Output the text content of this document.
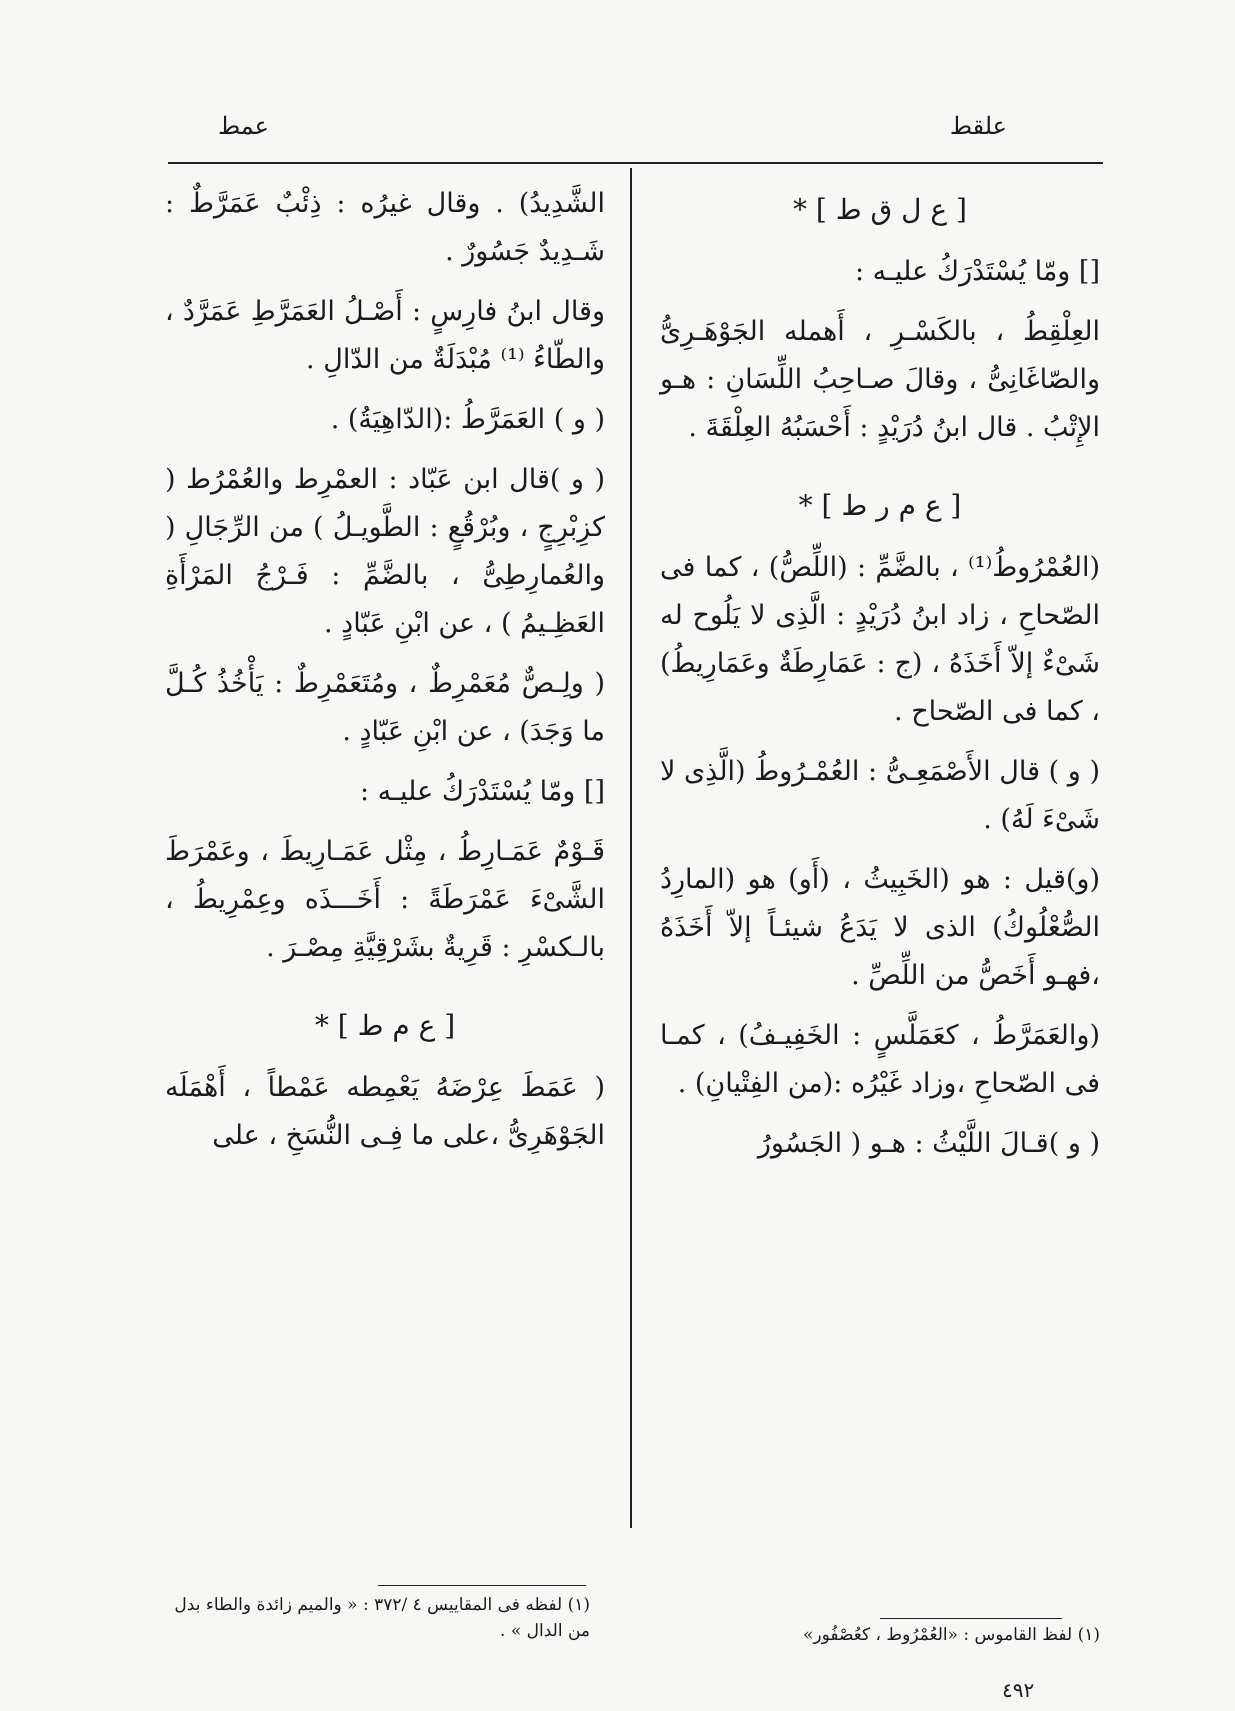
عمط	علقط
[ ع ل ق ط ] *

[] ومّا يُسْتَدْرَكُ عليـه :

العِلْقِطُ ، بالكَسْـرِ ، أَهمله الجَوْهَـرِىُّ والصّاغَانِىُّ ، وقالَ صـاحِبُ اللِّسَانِ : هـو الإِتْبُ . قال ابنُ دُرَيْدٍ : أَحْسَبُهُ العِلْقَةَ .

[ ع م ر ط ] *

(العُمْرُوطُ⁽¹⁾ ، بالضَّمِّ : (اللِّصُّ) ، كما فى الصّحاحِ ، زاد ابنُ دُرَيْدٍ : الَّذِى لا يَلُوح له شَىْءٌ إلاّ أَخَذَهُ ، (ج : عَمَارِطَةٌ وعَمَارِيطُ) ، كما فى الصّحاح .

( و ) قال الأَصْمَعِـىُّ : العُمْـرُوطُ (الَّذِى لا شَىْءَ لَهُ) .

(و)قيل : هو (الخَبِيثُ ، (أَو) هو (المارِدُ الصُّعْلُوكُ) الذى لا يَدَعُ شيئـاً إلاّ أَخَذَهُ ،فهـو أَخَصُّ من اللِّصِّ .

(والعَمَرَّطُ ، كعَمَلَّسٍ : الخَفِيـفُ) ، كمـا فى الصّحاحِ ،وزاد غَيْرُه :(من الفِتْيانِ) .

( و )قـالَ اللَّيْثُ : هـو ( الجَسُورُ

الشَّدِيدُ) . وقال غيرُه : ذِئْبٌ عَمَرَّطٌ : شَـدِيدٌ جَسُورٌ .

وقال ابنُ فارِسٍ : أَصْـلُ العَمَرَّطِ عَمَرَّدٌ ، والطّاءُ ⁽¹⁾ مُبْدَلَةٌ من الدّالِ .

( و ) العَمَرَّطُ :(الدّاهِيَةُ) .

( و )قال ابن عَبّاد : العمْرِط والعُمْرُط ( كزِبْرِجٍ ، وبُرْقُعٍ : الطَّويـلُ ) من الرِّجَالِ ( والعُمارِطِىُّ ، بالضَّمِّ : فَـرْجُ المَرْأَةِ العَظِـيمُ ) ، عن ابْنِ عَبّادٍ .

( ولِـصٌّ مُعَمْرِطٌ ، ومُتَعَمْرِطٌ : يَأْخُذُ كُـلَّ ما وَجَدَ) ، عن ابْنِ عَبّادٍ .

[] ومّا يُسْتَدْرَكُ عليـه :

قَـوْمٌ عَمَـارِطُ ، مِثْل عَمَـارِيطَ ، وعَمْرَطَ الشَّىْءَ عَمْرَطَةً : أَخَـــذَه وعِمْرِيطُ ، بالـكسْرِ : قَرِيةٌ بشَرْقِيَّةِ مِصْـرَ .

[ ع م ط ] *

( عَمَطَ عِرْضَهُ يَعْمِطه عَمْطاً ، أَهْمَلَه الجَوْهَرِىُّ ،على ما فِـى النُّسَخِ ، على

(١) لفظه فى المقاييس ٤ /٣٧٢ : « والميم زائدة والطاء بدل من الدال » .	(١) لفظ القاموس : «العُمْرُوط ، كعُصْفُور»
٤٩٢
